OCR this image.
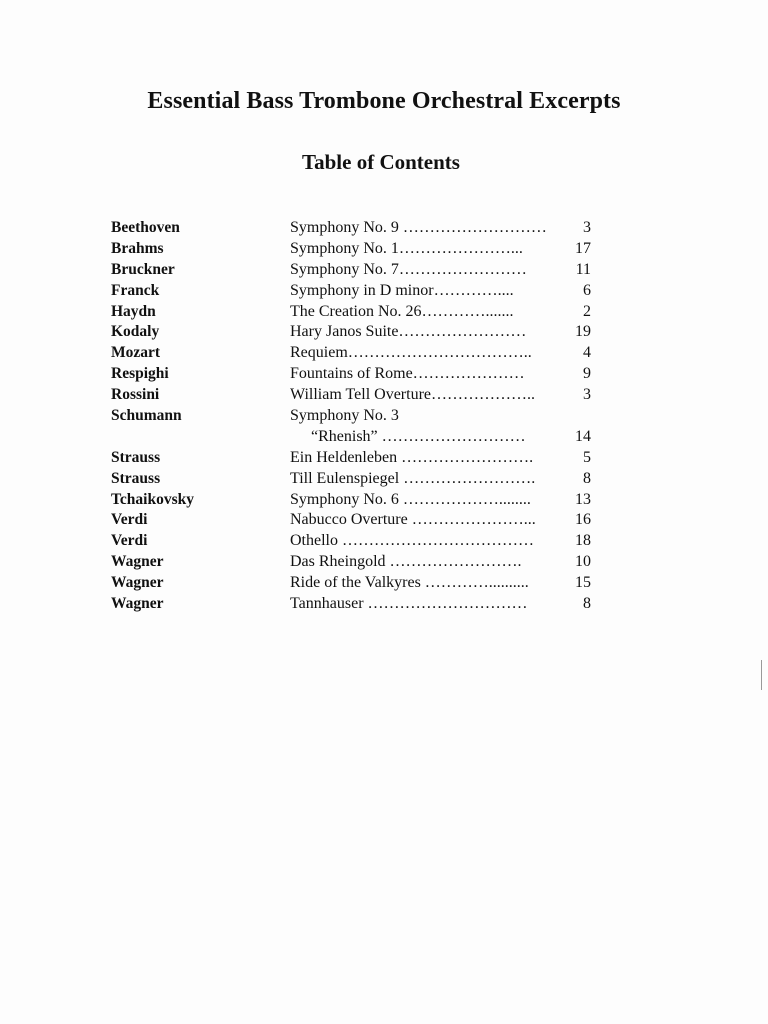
Essential Bass Trombone Orchestral Excerpts
Table of Contents
Beethoven	Symphony No. 9 ………………………	3
Brahms	Symphony No. 1…………………...	17
Bruckner	Symphony No. 7……………………	11
Franck	Symphony in D minor…………....	6
Haydn	The Creation No. 26………….......	2
Kodaly	Hary Janos Suite……………………	19
Mozart	Requiem……………………………..	4
Respighi	Fountains of Rome…………………	9
Rossini	William Tell Overture………………..	3
Schumann	Symphony No. 3
“Rhenish” ………………………	14
Strauss	Ein Heldenleben …………………….	5
Strauss	Till Eulenspiegel …………………….	8
Tchaikovsky	Symphony No. 6 ………………........	13
Verdi	Nabucco Overture …………………...	16
Verdi	Othello ………………………………	18
Wagner	Das Rheingold …………………….	10
Wagner	Ride of the Valkyres …………..........	15
Wagner	Tannhauser …………………………	8
